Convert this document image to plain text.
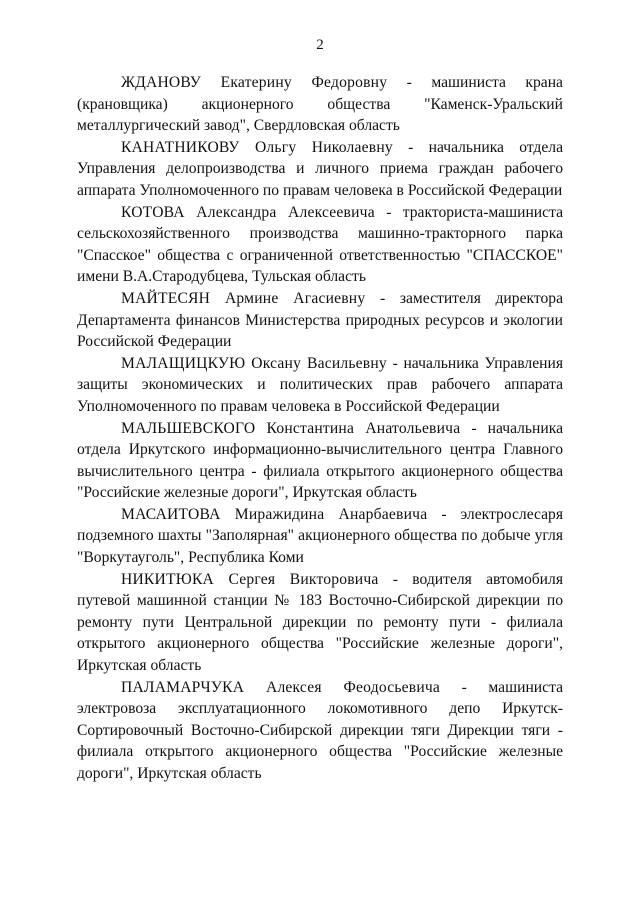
2

ЖДАНОВУ Екатерину Федоровну - машиниста крана (крановщика) акционерного общества "Каменск-Уральский металлургический завод", Свердловская область

КАНАТНИКОВУ Ольгу Николаевну - начальника отдела Управления делопроизводства и личного приема граждан рабочего аппарата Уполномоченного по правам человека в Российской Федерации

КОТОВА Александра Алексеевича - тракториста-машиниста сельскохозяйственного производства машинно-тракторного парка "Спасское" общества с ограниченной ответственностью "СПАССКОЕ" имени В.А.Стародубцева, Тульская область

МАЙТЕСЯН Армине Агасиевну - заместителя директора Департамента финансов Министерства природных ресурсов и экологии Российской Федерации

МАЛАЩИЦКУЮ Оксану Васильевну - начальника Управления защиты экономических и политических прав рабочего аппарата Уполномоченного по правам человека в Российской Федерации

МАЛЬШЕВСКОГО Константина Анатольевича - начальника отдела Иркутского информационно-вычислительного центра Главного вычислительного центра - филиала открытого акционерного общества "Российские железные дороги", Иркутская область

МАСАИТОВА Миражидина Анарбаевича - электрослесаря подземного шахты "Заполярная" акционерного общества по добыче угля "Воркутауголь", Республика Коми

НИКИТЮКА Сергея Викторовича - водителя автомобиля путевой машинной станции № 183 Восточно-Сибирской дирекции по ремонту пути Центральной дирекции по ремонту пути - филиала открытого акционерного общества "Российские железные дороги", Иркутская область

ПАЛАМАРЧУКА Алексея Феодосьевича - машиниста электровоза эксплуатационного локомотивного депо Иркутск-Сортировочный Восточно-Сибирской дирекции тяги Дирекции тяги - филиала открытого акционерного общества "Российские железные дороги", Иркутская область
